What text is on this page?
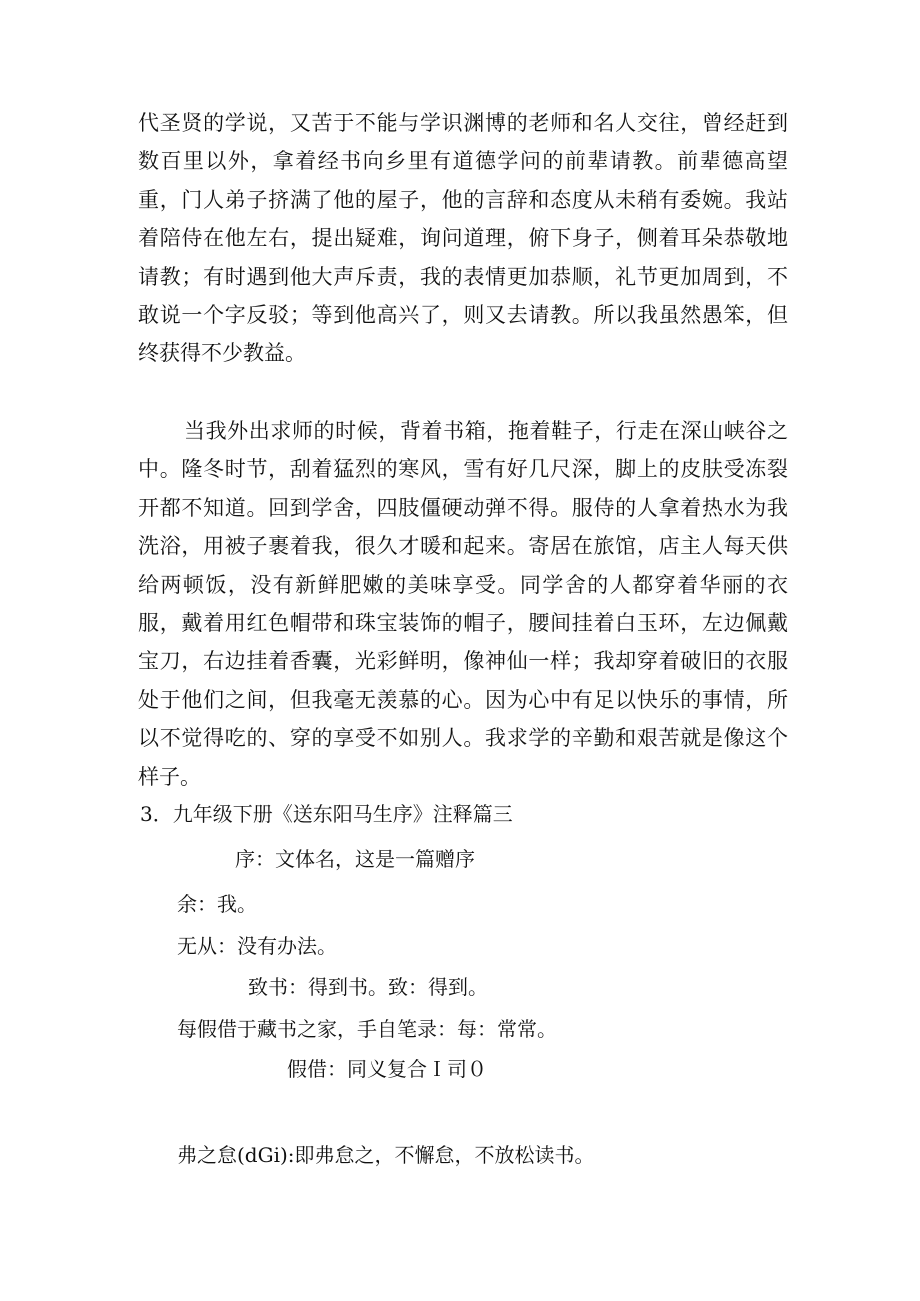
代圣贤的学说，又苦于不能与学识渊博的老师和名人交往，曾经赶到数百里以外，拿着经书向乡里有道德学问的前辈请教。前辈德高望重，门人弟子挤满了他的屋子，他的言辞和态度从未稍有委婉。我站着陪侍在他左右，提出疑难，询问道理，俯下身子，侧着耳朵恭敬地请教；有时遇到他大声斥责，我的表情更加恭顺，礼节更加周到，不敢说一个字反驳；等到他高兴了，则又去请教。所以我虽然愚笨，但终获得不少教益。

当我外出求师的时候，背着书箱，拖着鞋子，行走在深山峡谷之中。隆冬时节，刮着猛烈的寒风，雪有好几尺深，脚上的皮肤受冻裂开都不知道。回到学舍，四肢僵硬动弹不得。服侍的人拿着热水为我洗浴，用被子裹着我，很久才暖和起来。寄居在旅馆，店主人每天供给两顿饭，没有新鲜肥嫩的美味享受。同学舍的人都穿着华丽的衣服，戴着用红色帽带和珠宝装饰的帽子，腰间挂着白玉环，左边佩戴宝刀，右边挂着香囊，光彩鲜明，像神仙一样；我却穿着破旧的衣服处于他们之间，但我毫无羡慕的心。因为心中有足以快乐的事情，所以不觉得吃的、穿的享受不如别人。我求学的辛勤和艰苦就是像这个样子。

3．九年级下册《送东阳马生序》注释篇三

序：文体名，这是一篇赠序

余：我。

无从：没有办法。

致书：得到书。致：得到。

每假借于藏书之家，手自笔录：每：常常。

假借：同义复合Ｉ司０

弗之怠(dGi):即弗怠之，不懈怠，不放松读书。
